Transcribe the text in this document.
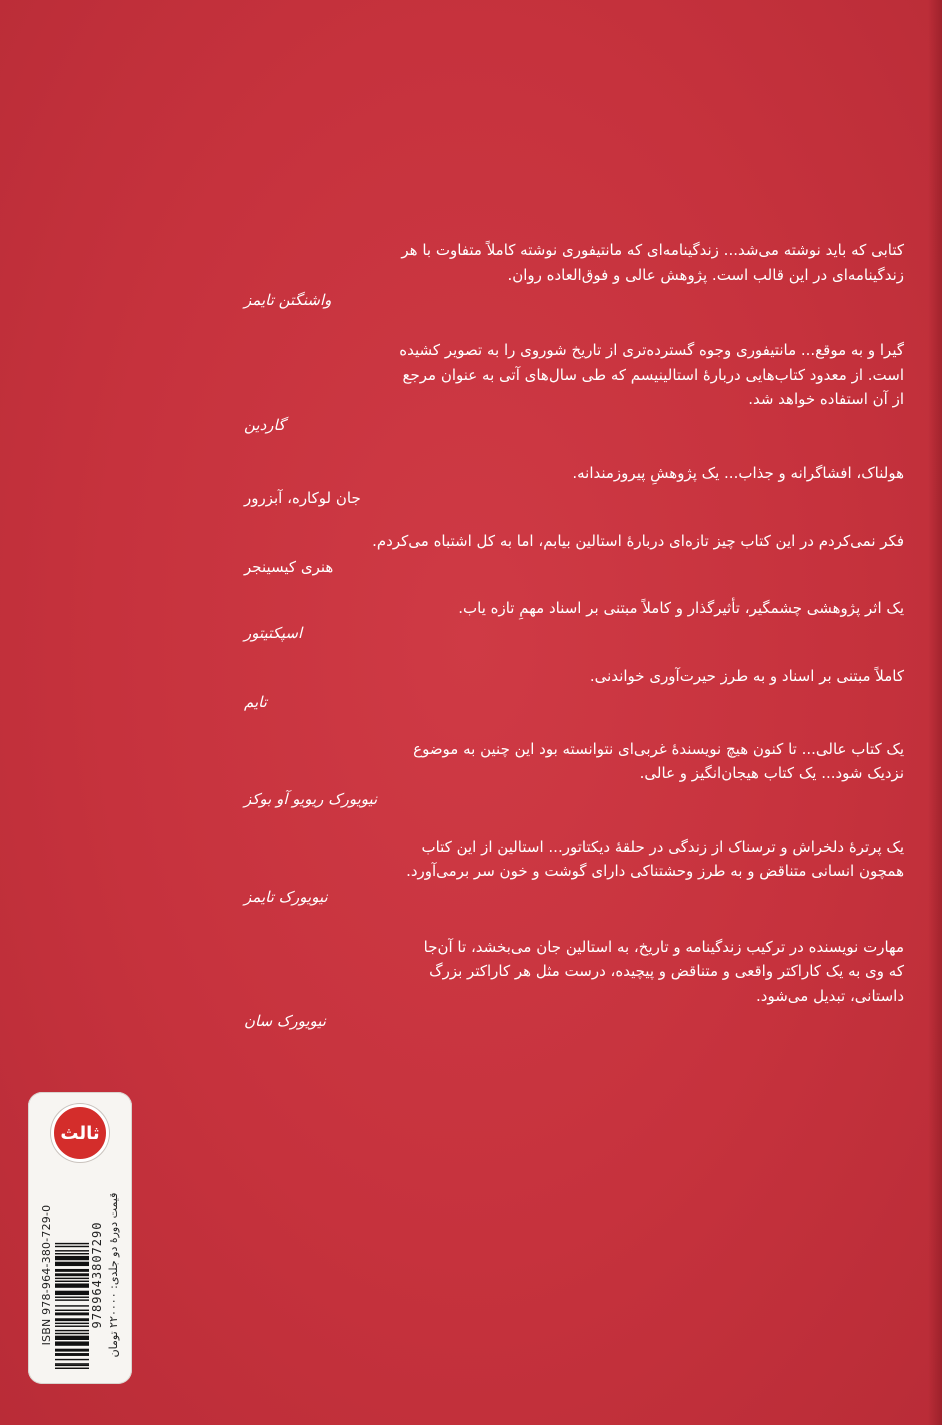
کتابی که باید نوشته می‌شد... زندگینامه‌ای که مانتیفوری نوشته کاملاً متفاوت با هر

زندگینامه‌ای در این قالب است. پژوهش عالی و فوق‌العاده روان.

واشنگتن تایمز

گیرا و به موقع... مانتیفوری وجوه گسترده‌تری از تاریخ شوروی را به تصویر کشیده

است. از معدود کتاب‌هایی دربارهٔ استالینیسم که طی سال‌های آتی به عنوان مرجع

از آن استفاده خواهد شد.

گاردین

هولناک، افشاگرانه و جذاب... یک پژوهشِ پیروزمندانه.

جان لوکاره، آبزرور

فکر نمی‌کردم در این کتاب چیز تازه‌ای دربارهٔ استالین بیابم، اما به کل اشتباه می‌کردم.

هنری کیسینجر

یک اثر پژوهشی چشمگیر، تأثیرگذار و کاملاً مبتنی بر اسناد مهمِ تازه‌ یاب.

اسپکتیتور

کاملاً مبتنی بر اسناد و به طرز حیرت‌آوری خواندنی.

تایم

یک کتاب عالی... تا کنون هیچ نویسندهٔ غربی‌ای نتوانسته بود این چنین به موضوع

نزدیک شود... یک کتاب هیجان‌انگیز و عالی.

نیویورک ریویو آو بوکز

یک پرترهٔ دلخراش و ترسناک از زندگی در حلقهٔ دیکتاتور... استالین از این کتاب

همچون انسانی متناقض و به طرز وحشتناکی دارای گوشت و خون سر برمی‌آورد.

نیویورک تایمز

مهارت نویسنده در ترکیب زندگینامه و تاریخ، به استالین جان می‌بخشد، تا آن‌جا

که وی به یک کاراکتر واقعی و متناقض و پیچیده، درست مثل هر کاراکتر بزرگ

داستانی، تبدیل می‌شود.

نیویورک سان

ثالث
ISBN 978-964-380-729-0	9789643807290
قیمت دورهٔ دو جلدی: ۲۲۰۰۰۰ تومان
